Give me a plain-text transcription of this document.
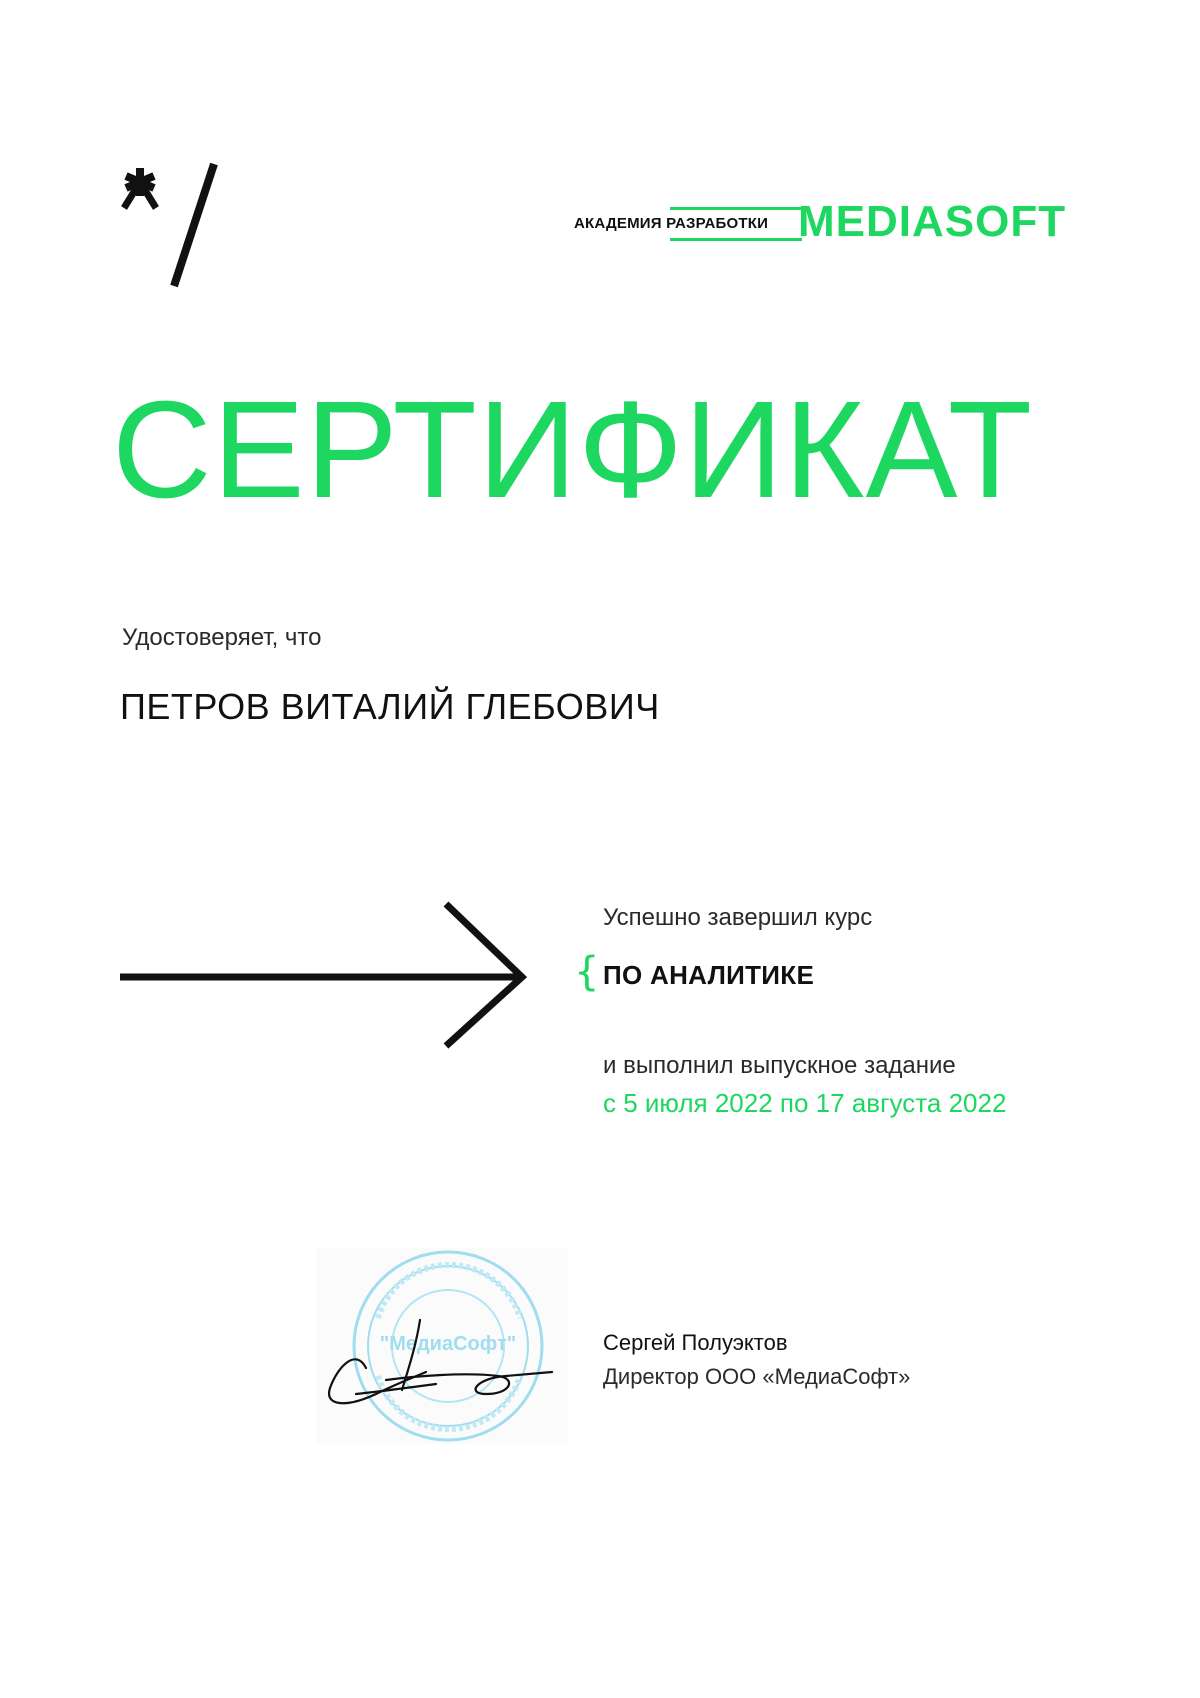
АКАДЕМИЯ РАЗРАБОТКИ MEDIASOFT
СЕРТИФИКАТ
Удостоверяет, что
ПЕТРОВ ВИТАЛИЙ ГЛЕБОВИЧ
Успешно завершил курс
{ ПО АНАЛИТИКЕ
и выполнил выпускное задание
с 5 июля 2022 по 17 августа 2022
"МедиаСофт"	Сергей Полуэктов
Директор ООО «МедиаСофт»
